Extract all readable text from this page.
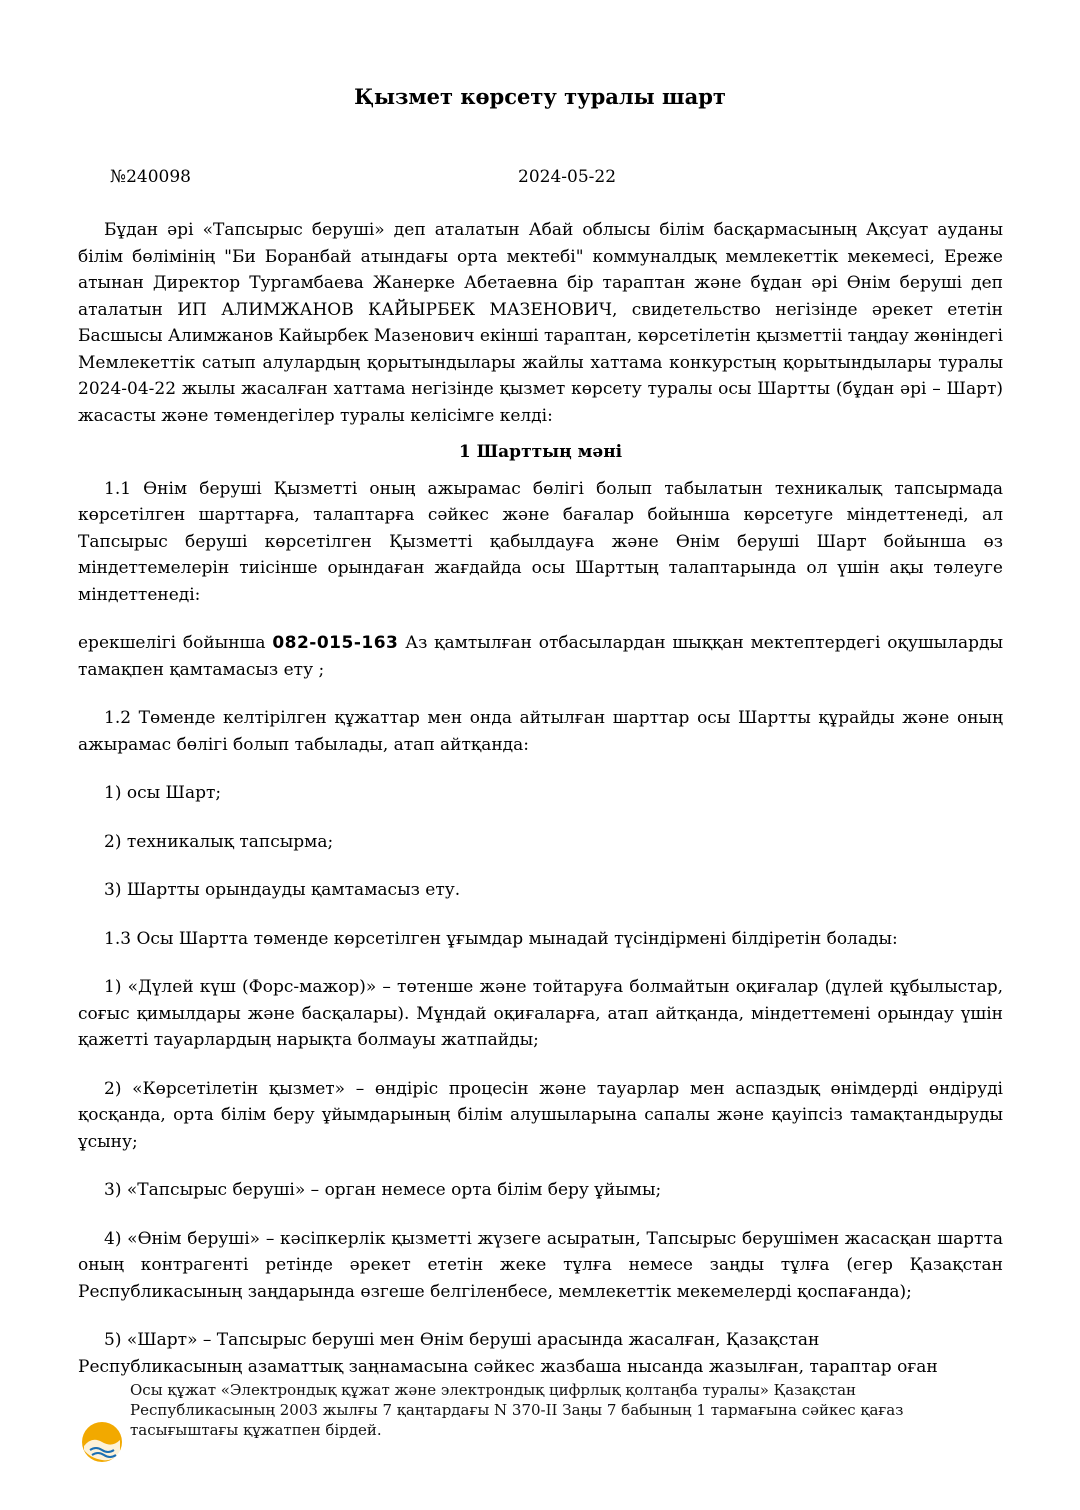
Қызмет көрсету туралы шарт
№240098	2024-05-22

Бұдан әрі «Тапсырыс беруші» деп аталатын Абай облысы білім басқармасының Ақсуат ауданы білім бөлімінің "Би Боранбай атындағы орта мектебі" коммуналдық мемлекеттік мекемесі, Ереже атынан Директор Тургамбаева Жанерке Абетаевна бір тараптан және бұдан әрі Өнім беруші деп аталатын ИП АЛИМЖАНОВ КАЙЫРБЕК МАЗЕНОВИЧ, свидетельство негізінде әрекет ететін Басшысы Алимжанов Кайырбек Мазенович екінші тараптан, көрсетілетін қызметтіі таңдау жөніндегі Мемлекеттік сатып алулардың қорытындылары жайлы хаттама конкурстың қорытындылары туралы 2024-04-22 жылы жасалған хаттама негізінде қызмет көрсету туралы осы Шартты (бұдан әрі – Шарт) жасасты және төмендегілер туралы келісімге келді:

1 Шарттың мәні

1.1 Өнім беруші Қызметті оның ажырамас бөлігі болып табылатын техникалық тапсырмада көрсетілген шарттарға, талаптарға сәйкес және бағалар бойынша көрсетуге міндеттенеді, ал Тапсырыс беруші көрсетілген Қызметті қабылдауға және Өнім беруші Шарт бойынша өз міндеттемелерін тиісінше орындаған жағдайда осы Шарттың талаптарында ол үшін ақы төлеуге міндеттенеді:

ерекшелігі бойынша 082-015-163 Аз қамтылған отбасылардан шыққан мектептердегі оқушыларды тамақпен қамтамасыз ету ;

1.2 Төменде келтірілген құжаттар мен онда айтылған шарттар осы Шартты құрайды және оның ажырамас бөлігі болып табылады, атап айтқанда:

1) осы Шарт;

2) техникалық тапсырма;

3) Шартты орындауды қамтамасыз ету.

1.3 Осы Шартта төменде көрсетілген ұғымдар мынадай түсіндірмені білдіретін болады:

1) «Дүлей күш (Форс-мажор)» – төтенше және тойтаруға болмайтын оқиғалар (дүлей құбылыстар, соғыс қимылдары және басқалары). Мұндай оқиғаларға, атап айтқанда, міндеттемені орындау үшін қажетті тауарлардың нарықта болмауы жатпайды;

2) «Көрсетілетін қызмет» – өндіріс процесін және тауарлар мен аспаздық өнімдерді өндіруді қосқанда, орта білім беру ұйымдарының білім алушыларына сапалы және қауіпсіз тамақтандыруды ұсыну;

3) «Тапсырыс беруші» – орган немесе орта білім беру ұйымы;

4) «Өнім беруші» – кәсіпкерлік қызметті жүзеге асыратын, Тапсырыс берушімен жасасқан шартта оның контрагенті ретінде әрекет ететін жеке тұлға немесе заңды тұлға (егер Қазақстан Республикасының заңдарында өзгеше белгіленбесе, мемлекеттік мекемелерді қоспағанда);

5) «Шарт» – Тапсырыс беруші мен Өнім беруші арасында жасалған, Қазақстан

Республикасының азаматтық заңнамасына сәйкес жазбаша нысанда жазылған, тараптар оған

Осы құжат «Электрондық құжат және электрондық цифрлық қолтаңба туралы» Қазақстан Республикасының 2003 жылғы 7 қаңтардағы N 370-II Заңы 7 бабының 1 тармағына сәйкес қағаз тасығыштағы құжатпен бірдей.
